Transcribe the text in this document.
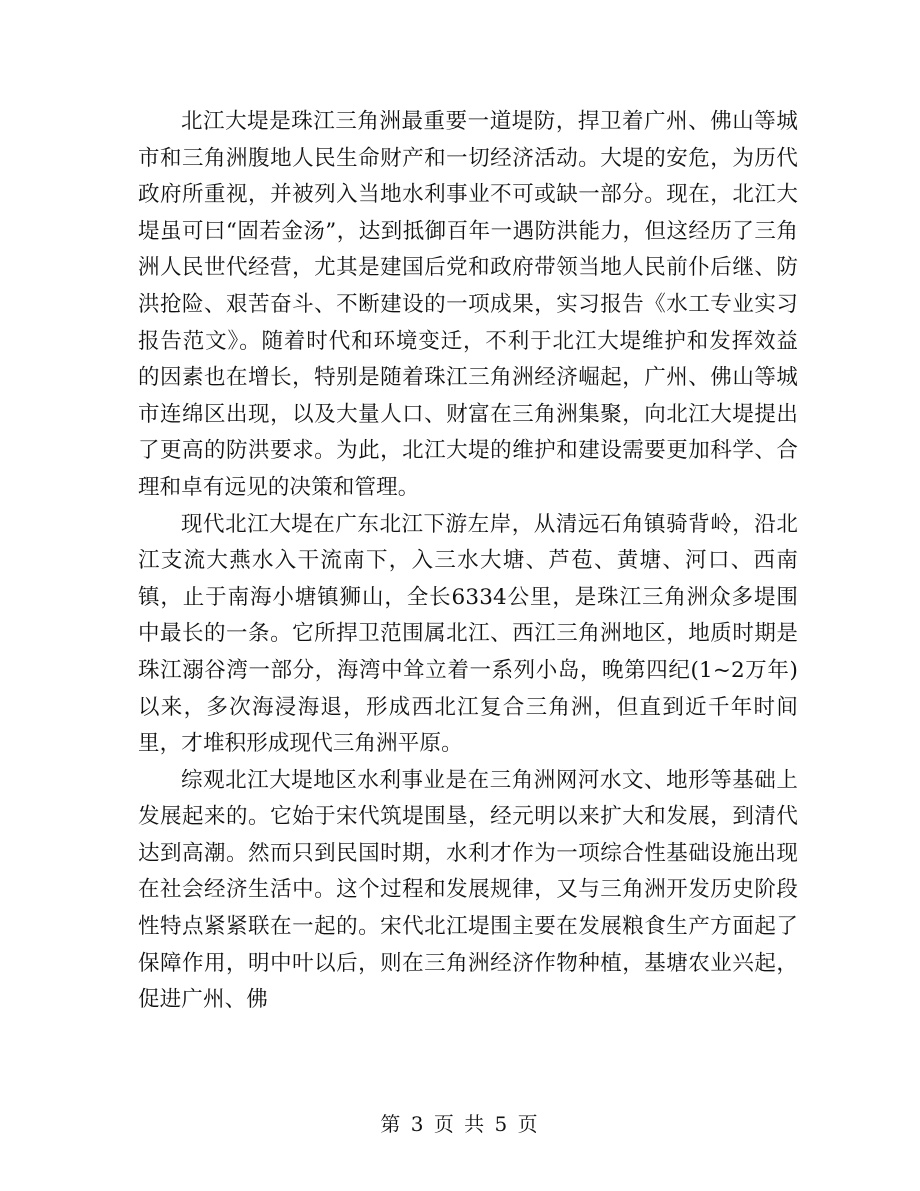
北江大堤是珠江三角洲最重要一道堤防，捍卫着广州、佛山等城市和三角洲腹地人民生命财产和一切经济活动。大堤的安危，为历代政府所重视，并被列入当地水利事业不可或缺一部分。现在，北江大堤虽可曰“固若金汤”，达到抵御百年一遇防洪能力，但这经历了三角洲人民世代经营，尤其是建国后党和政府带领当地人民前仆后继、防洪抢险、艰苦奋斗、不断建设的一项成果，实习报告《水工专业实习报告范文》。随着时代和环境变迁，不利于北江大堤维护和发挥效益的因素也在增长，特别是随着珠江三角洲经济崛起，广州、佛山等城市连绵区出现，以及大量人口、财富在三角洲集聚，向北江大堤提出了更高的防洪要求。为此，北江大堤的维护和建设需要更加科学、合理和卓有远见的决策和管理。

现代北江大堤在广东北江下游左岸，从清远石角镇骑背岭，沿北江支流大燕水入干流南下，入三水大塘、芦苞、黄塘、河口、西南镇，止于南海小塘镇狮山，全长6334公里，是珠江三角洲众多堤围中最长的一条。它所捍卫范围属北江、西江三角洲地区，地质时期是珠江溺谷湾一部分，海湾中耸立着一系列小岛，晚第四纪(1~2万年)以来，多次海浸海退，形成西北江复合三角洲，但直到近千年时间里，才堆积形成现代三角洲平原。

综观北江大堤地区水利事业是在三角洲网河水文、地形等基础上发展起来的。它始于宋代筑堤围垦，经元明以来扩大和发展，到清代达到高潮。然而只到民国时期，水利才作为一项综合性基础设施出现在社会经济生活中。这个过程和发展规律，又与三角洲开发历史阶段性特点紧紧联在一起的。宋代北江堤围主要在发展粮食生产方面起了保障作用，明中叶以后，则在三角洲经济作物种植，基塘农业兴起，促进广州、佛

第 3 页 共 5 页
